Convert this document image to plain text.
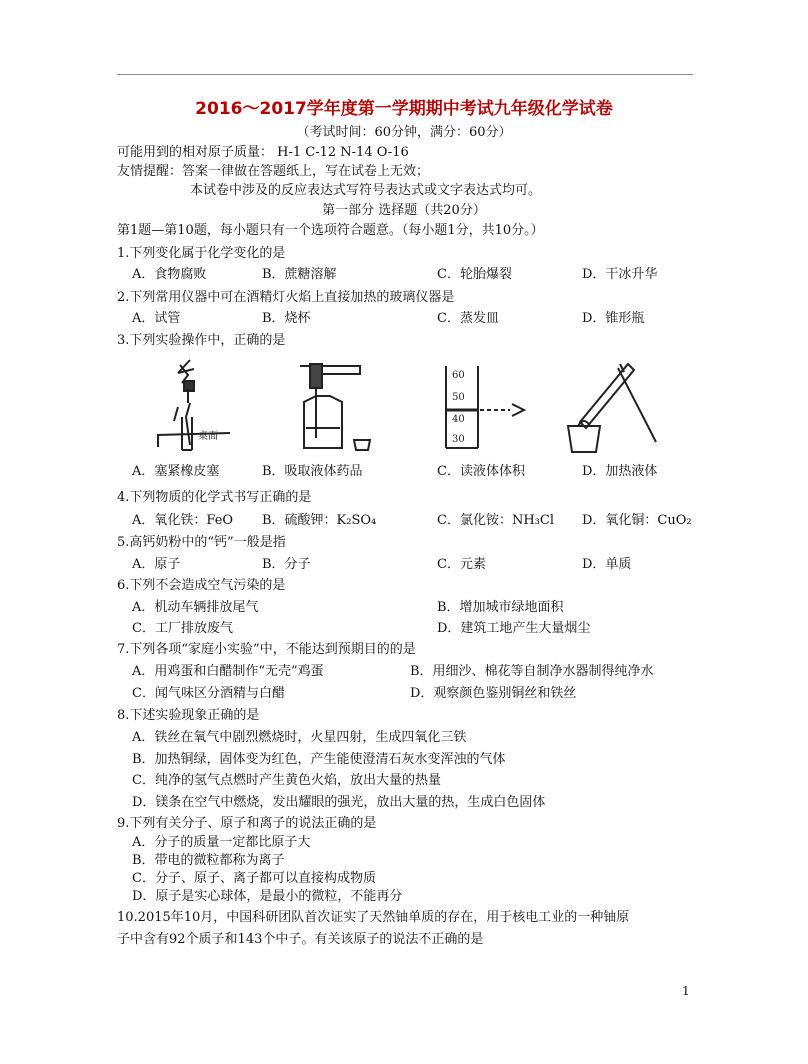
2016～2017学年度第一学期期中考试九年级化学试卷
（考试时间：60分钟，满分：60分）
可能用到的相对原子质量： H-1 C-12 N-14 O-16
友情提醒：答案一律做在答题纸上，写在试卷上无效；
本试卷中涉及的反应表达式写符号表达式或文字表达式均可。
第一部分 选择题（共20分）
第1题—第10题，每小题只有一个选项符合题意。（每小题1分，共10分。）
1.下列变化属于化学变化的是
A．食物腐败	B．蔗糖溶解	C．轮胎爆裂	D．干冰升华
2.下列常用仪器中可在酒精灯火焰上直接加热的玻璃仪器是
A．试管	B．烧杯	C．蒸发皿	D．锥形瓶
3.下列实验操作中，正确的是
桌面
60
50
40
30
A．塞紧橡皮塞	B．吸取液体药品	C．读液体体积	D．加热液体
4.下列物质的化学式书写正确的是
A．氧化铁：FeO B．硫酸钾：K₂SO₄	C．氯化铵：NH₃Cl D．氧化铜：CuO₂
5.高钙奶粉中的“钙”一般是指
A．原子	B．分子	C．元素	D．单质
6.下列不会造成空气污染的是
A．机动车辆排放尾气	B．增加城市绿地面积
C．工厂排放废气	D．建筑工地产生大量烟尘
7.下列各项“家庭小实验”中，不能达到预期目的的是
A．用鸡蛋和白醋制作“无壳”鸡蛋	B．用细沙、棉花等自制净水器制得纯净水
C．闻气味区分酒精与白醋	D．观察颜色鉴别铜丝和铁丝
8.下述实验现象正确的是
A．铁丝在氧气中剧烈燃烧时，火星四射，生成四氧化三铁
B．加热铜绿，固体变为红色，产生能使澄清石灰水变浑浊的气体
C．纯净的氢气点燃时产生黄色火焰，放出大量的热量
D．镁条在空气中燃烧，发出耀眼的强光，放出大量的热，生成白色固体
9.下列有关分子、原子和离子的说法正确的是
A．分子的质量一定都比原子大
B．带电的微粒都称为离子
C．分子、原子、离子都可以直接构成物质
D．原子是实心球体，是最小的微粒，不能再分
10.2015年10月，中国科研团队首次证实了天然铀单质的存在，用于核电工业的一种铀原
子中含有92个质子和143个中子。有关该原子的说法不正确的是
1
